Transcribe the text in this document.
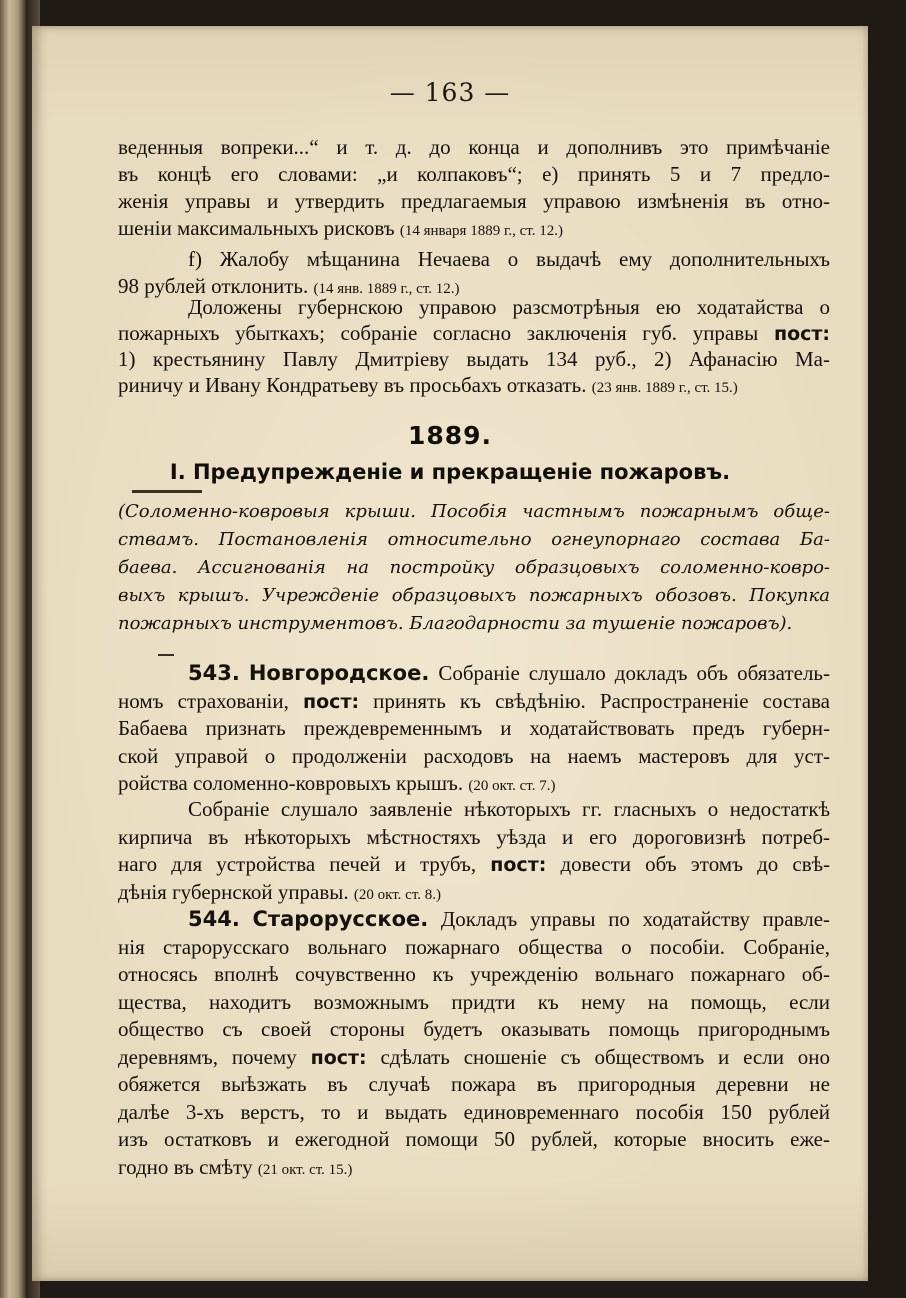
— 163 —
веденныя вопреки...“ и т. д. до конца и дополнивъ это примѣчаніе
въ концѣ его словами: „и колпаковъ“; е) принять 5 и 7 предло-
женія управы и утвердить предлагаемыя управою измѣненія въ отно-
шеніи максимальныхъ рисковъ (14 января 1889 г., ст. 12.)
f) Жалобу мѣщанина Нечаева о выдачѣ ему дополнительныхъ
98 рублей отклонить. (14 янв. 1889 г., ст. 12.)
Доложены губернскою управою разсмотрѣныя ею ходатайства о
пожарныхъ убыткахъ; собраніе согласно заключенія губ. управы пост:
1) крестьянину Павлу Дмитріеву выдать 134 руб., 2) Афанасію Ма-
риничу и Ивану Кондратьеву въ просьбахъ отказать. (23 янв. 1889 г., ст. 15.)
1889.
I. Предупрежденіе и прекращеніе пожаровъ.
(Соломенно-ковровыя крыши. Пособія частнымъ пожарнымъ обще-
ствамъ. Постановленія относительно огнеупорнаго состава Ба-
баева. Ассигнованія на постройку образцовыхъ соломенно-ковро-
выхъ крышъ. Учрежденіе образцовыхъ пожарныхъ обозовъ. Покупка
пожарныхъ инструментовъ. Благодарности за тушеніе пожаровъ).
543. Новгородское. Собраніе слушало докладъ объ обязатель-
номъ страхованіи, пост: принять къ свѣдѣнію. Распространеніе состава
Бабаева признать преждевременнымъ и ходатайствовать предъ губерн-
ской управой о продолженіи расходовъ на наемъ мастеровъ для уст-
ройства соломенно-ковровыхъ крышъ. (20 окт. ст. 7.)
Собраніе слушало заявленіе нѣкоторыхъ гг. гласныхъ о недостаткѣ
кирпича въ нѣкоторыхъ мѣстностяхъ уѣзда и его дороговизнѣ потреб-
наго для устройства печей и трубъ, пост: довести объ этомъ до свѣ-
дѣнія губернской управы. (20 окт. ст. 8.)
544. Старорусское. Докладъ управы по ходатайству правле-
нія старорусскаго вольнаго пожарнаго общества о пособіи. Собраніе,
относясь вполнѣ сочувственно къ учрежденію вольнаго пожарнаго об-
щества, находитъ возможнымъ придти къ нему на помощь, если
общество съ своей стороны будетъ оказывать помощь пригороднымъ
деревнямъ, почему пост: сдѣлать сношеніе съ обществомъ и если оно
обяжется выѣзжать въ случаѣ пожара въ пригородныя деревни не
далѣе 3-хъ верстъ, то и выдать единовременнаго пособія 150 рублей
изъ остатковъ и ежегодной помощи 50 рублей, которые вносить еже-
годно въ смѣту (21 окт. ст. 15.)
